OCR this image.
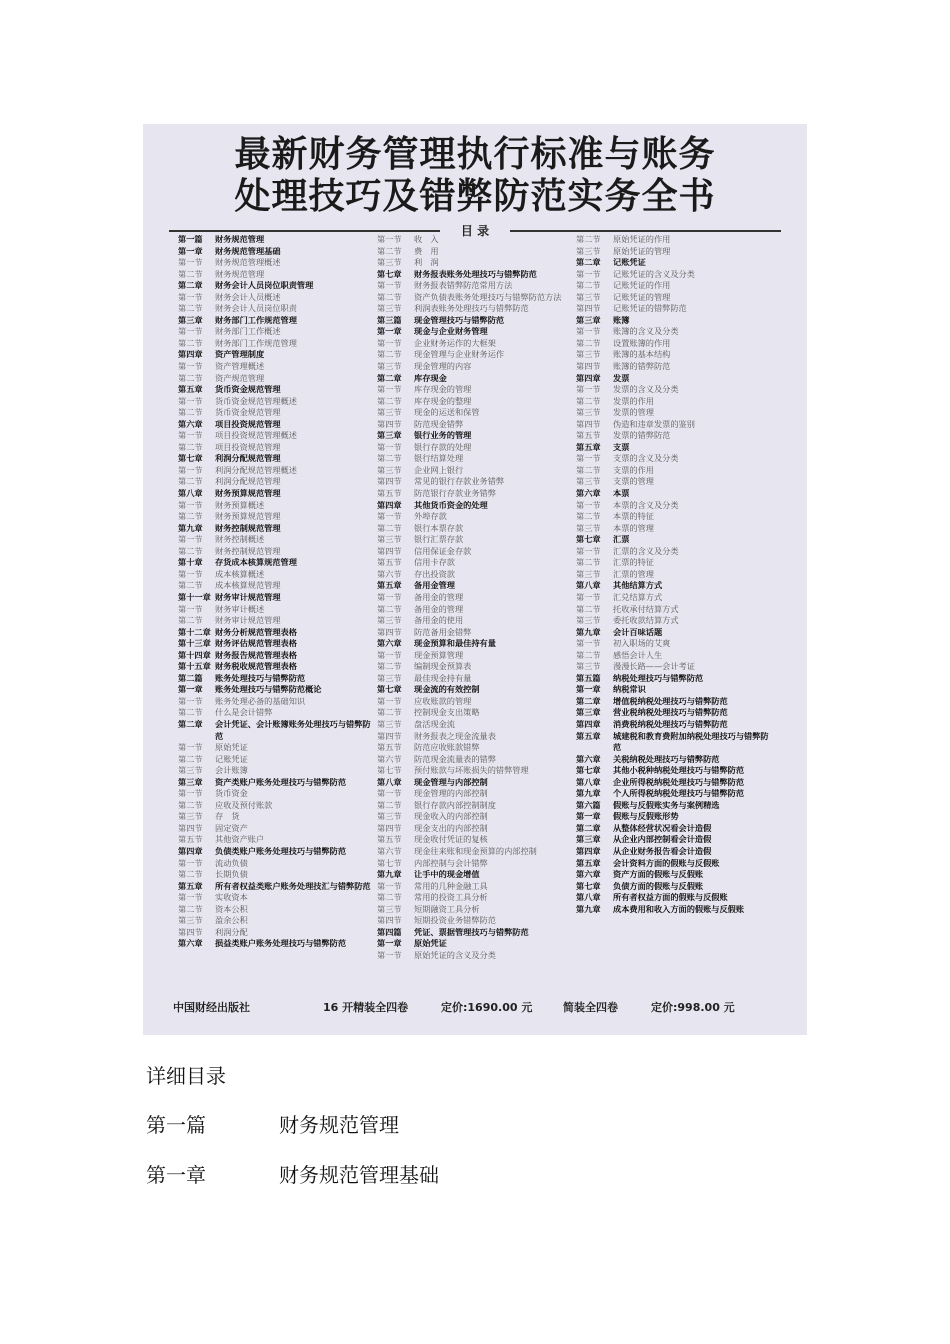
最新财务管理执行标准与账务
处理技巧及错弊防范实务全书
目 录
第一篇	财务规范管理
第一章	财务规范管理基础
第一节	财务规范管理概述
第二节	财务规范管理
第二章	财务会计人员岗位职责管理
第一节	财务会计人员概述
第二节	财务会计人员岗位职责
第三章	财务部门工作规范管理
第一节	财务部门工作概述
第二节	财务部门工作规范管理
第四章	资产管理制度
第一节	资产管理概述
第二节	资产规范管理
第五章	货币资金规范管理
第一节	货币资金规范管理概述
第二节	货币资金规范管理
第六章	项目投资规范管理
第一节	项目投资规范管理概述
第二节	项目投资规范管理
第七章	利润分配规范管理
第一节	利润分配规范管理概述
第二节	利润分配规范管理
第八章	财务预算规范管理
第一节	财务预算概述
第二节	财务预算规范管理
第九章	财务控制规范管理
第一节	财务控制概述
第二节	财务控制规范管理
第十章	存货成本核算规范管理
第一节	成本核算概述
第二节	成本核算规范管理
第十一章 财务审计规范管理
第一节	财务审计概述
第二节	财务审计规范管理
第十二章 财务分析规范管理表格
第十三章 财务评估规范管理表格
第十四章 财务报告规范管理表格
第十五章 财务税收规范管理表格
第二篇	账务处理技巧与错弊防范
第一章	账务处理技巧与错弊防范概论
第一节	账务处理必备的基础知识
第二节	什么是会计错弊
第二章	会计凭证、会计账簿账务处理技巧与错弊防范
第一节	原始凭证
第二节	记账凭证
第三节	会计账簿
第三章	资产类账户账务处理技巧与错弊防范
第一节	货币资金
第二节	应收及预付账款
第三节	存　货
第四节	固定资产
第五节	其他资产账户
第四章	负债类账户账务处理技巧与错弊防范
第一节	流动负债
第二节	长期负债
第五章	所有者权益类账户账务处理技汇与错弊防范
第一节	实收资本
第二节	资本公积
第三节	盈余公积
第四节	利润分配
第六章	损益类账户账务处理技巧与错弊防范
第一节	收　入
第二节	费　用
第三节	利　润
第七章	财务报表账务处理技巧与错弊防范
第一节	财务报表错弊防范常用方法
第二节	资产负债表账务处理技巧与错弊防范方法
第三节	利润表账务处理技巧与错弊防范
第三篇	现金管理技巧与错弊防范
第一章	现金与企业财务管理
第一节	企业财务运作的大框架
第二节	现金管理与企业财务运作
第三节	现金管理的内容
第二章	库存现金
第一节	库存现金的管理
第二节	库存现金的整理
第三节	现金的运送和保管
第四节	防范现金错弊
第三章	银行业务的管理
第一节	银行存款的处理
第二节	银行结算处理
第三节	企业网上银行
第四节	常见的银行存款业务错弊
第五节	防范银行存款业务错弊
第四章	其他货币资金的处理
第一节	外埠存款
第二节	银行本票存款
第三节	银行汇票存款
第四节	信用保证金存款
第五节	信用卡存款
第六节	存出投资款
第五章	备用金管理
第一节	备用金的管理
第二节	备用金的管理
第三节	备用金的使用
第四节	防范备用金错弊
第六章	现金预算和最佳持有量
第一节	现金预算管理
第二节	编制现金预算表
第三节	最佳现金持有量
第七章	现金流的有效控制
第一节	应收账款的管理
第二节	控制现金支出策略
第三节	盘活现金流
第四节	财务报表之现金流量表
第五节	防范应收账款错弊
第六节	防范现金流量表的错弊
第七节	预付账款与坏账损失的错弊管理
第八章	现金管理与内部控制
第一节	现金管理的内部控制
第二节	银行存款内部控制制度
第三节	现金收入的内部控制
第四节	现金支出的内部控制
第五节	现金收付凭证的复核
第六节	现金往来账和现金预算的内部控制
第七节	内部控制与会计错弊
第九章	让手中的现金增值
第一节	常用的几种金融工具
第二节	常用的投资工具分析
第三节	短期融资工具分析
第四节	短期投资业务错弊防范
第四篇	凭证、票据管理技巧与错弊防范
第一章	原始凭证
第一节	原始凭证的含义及分类
第二节	原始凭证的作用
第三节	原始凭证的管理
第二章	记账凭证
第一节	记账凭证的含义及分类
第二节	记账凭证的作用
第三节	记账凭证的管理
第四节	记账凭证的错弊防范
第三章	账簿
第一节	账簿的含义及分类
第二节	设置账簿的作用
第三节	账簿的基本结构
第四节	账簿的错弊防范
第四章	发票
第一节	发票的含义及分类
第二节	发票的作用
第三节	发票的管理
第四节	伪造和违章发票的鉴别
第五节	发票的错弊防范
第五章	支票
第一节	支票的含义及分类
第二节	支票的作用
第三节	支票的管理
第六章	本票
第一节	本票的含义及分类
第二节	本票的特征
第三节	本票的管理
第七章	汇票
第一节	汇票的含义及分类
第二节	汇票的特征
第三节	汇票的管理
第八章	其他结算方式
第一节	汇兑结算方式
第二节	托收承付结算方式
第三节	委托收款结算方式
第九章	会计百味话题
第一节	初入职场的艾爽
第二节	感悟会计人生
第三节	漫漫长路——会计考证
第五篇	纳税处理技巧与错弊防范
第一章	纳税常识
第二章	增值税纳税处理技巧与错弊防范
第三章	营业税纳税处理技巧与错弊防范
第四章	消费税纳税处理技巧与错弊防范
第五章	城建税和教育费附加纳税处理技巧与错弊防范
第六章	关税纳税处理技巧与错弊防范
第七章	其他小税种纳税处理技巧与错弊防范
第八章	企业所得税纳税处理技巧与错弊防范
第九章	个人所得税纳税处理技巧与错弊防范
第六篇	假账与反假账实务与案例精选
第一章	假账与反假账形势
第二章	从整体经营状况看会计造假
第三章	从企业内部控制看会计造假
第四章	从企业财务报告看会计造假
第五章	会计资料方面的假账与反假账
第六章	资产方面的假账与反假账
第七章	负债方面的假账与反假账
第八章	所有者权益方面的假账与反假账
第九章	成本费用和收入方面的假账与反假账
中国财经出版社	16 开精装全四卷	定价:1690.00 元	简装全四卷	定价:998.00 元
详细目录
第一篇	财务规范管理
第一章	财务规范管理基础
